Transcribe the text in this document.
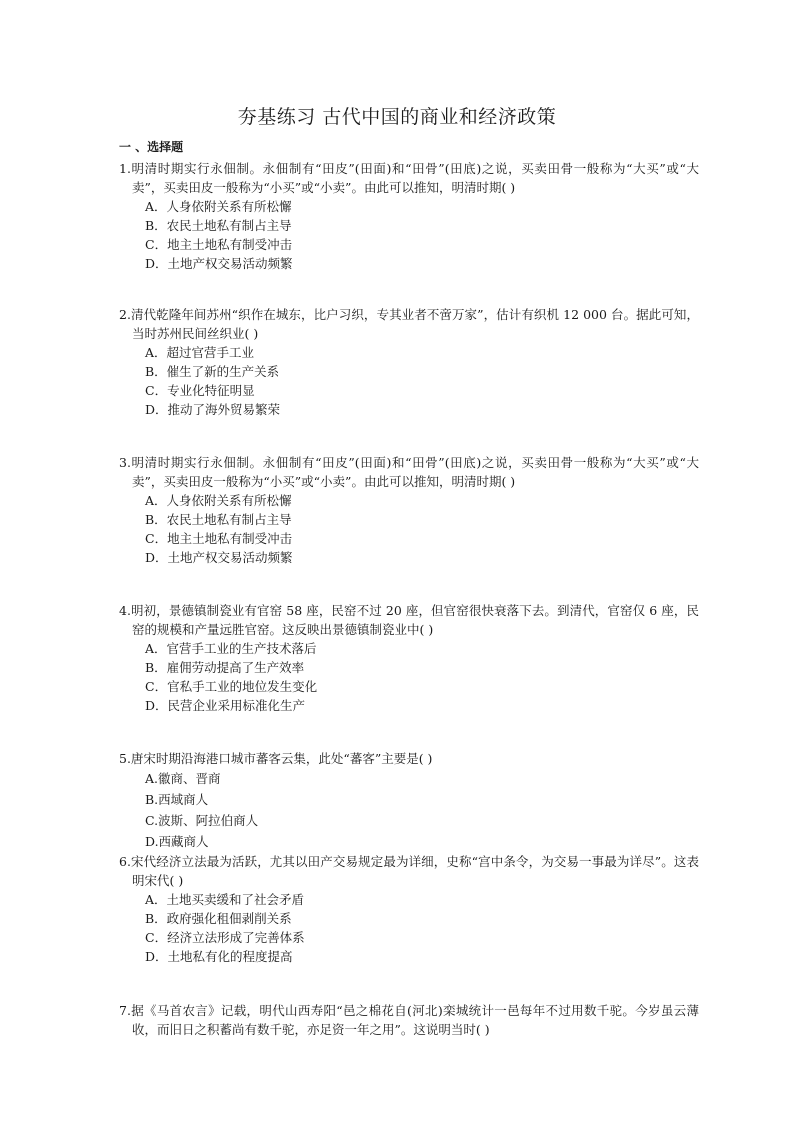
夯基练习 古代中国的商业和经济政策
一 、选择题
1.明清时期实行永佃制。永佃制有“田皮”(田面)和“田骨”(田底)之说，买卖田骨一般称为“大买”或“大卖”，买卖田皮一般称为“小买”或“小卖”。由此可以推知，明清时期( )
A．人身依附关系有所松懈
B．农民土地私有制占主导
C．地主土地私有制受冲击
D．土地产权交易活动频繁
2.清代乾隆年间苏州“织作在城东，比户习织，专其业者不啻万家”，估计有织机 12 000 台。据此可知，当时苏州民间丝织业( )
A．超过官营手工业
B．催生了新的生产关系
C．专业化特征明显
D．推动了海外贸易繁荣
3.明清时期实行永佃制。永佃制有“田皮”(田面)和“田骨”(田底)之说，买卖田骨一般称为“大买”或“大卖”，买卖田皮一般称为“小买”或“小卖”。由此可以推知，明清时期( )
A．人身依附关系有所松懈
B．农民土地私有制占主导
C．地主土地私有制受冲击
D．土地产权交易活动频繁
4.明初，景德镇制瓷业有官窑 58 座，民窑不过 20 座，但官窑很快衰落下去。到清代，官窑仅 6 座，民窑的规模和产量远胜官窑。这反映出景德镇制瓷业中( )
A．官营手工业的生产技术落后
B．雇佣劳动提高了生产效率
C．官私手工业的地位发生变化
D．民营企业采用标准化生产
5.唐宋时期沿海港口城市蕃客云集，此处“蕃客”主要是( )
A.徽商、晋商
B.西域商人
C.波斯、阿拉伯商人
D.西藏商人
6.宋代经济立法最为活跃，尤其以田产交易规定最为详细，史称“宫中条令，为交易一事最为详尽”。这表明宋代( )
A．土地买卖缓和了社会矛盾
B．政府强化租佃剥削关系
C．经济立法形成了完善体系
D．土地私有化的程度提高
7.据《马首农言》记载，明代山西寿阳“邑之棉花自(河北)栾城统计一邑每年不过用数千驼。今岁虽云薄收，而旧日之积蓄尚有数千驼，亦足资一年之用”。这说明当时( )
